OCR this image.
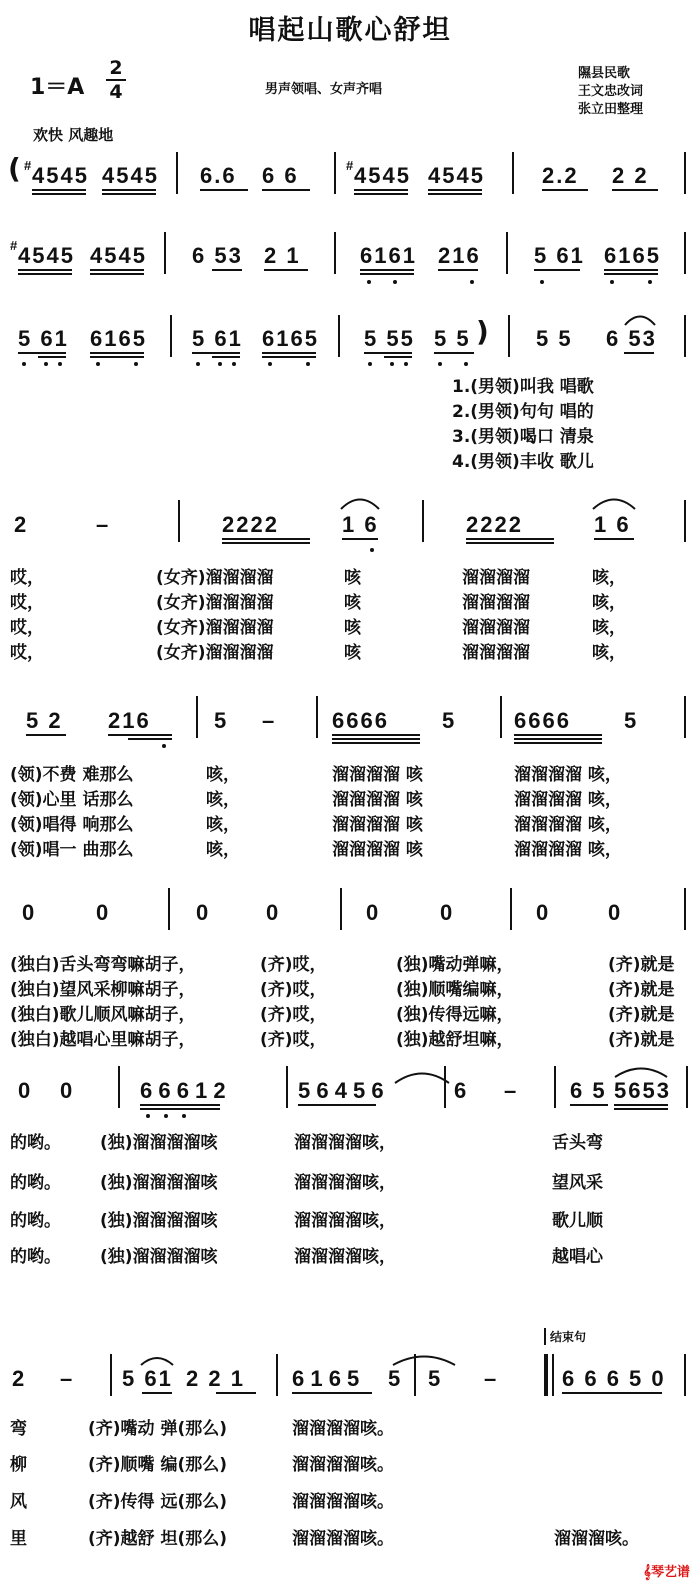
唱起山歌心舒坦
1＝A
2
4	男声领唱、女声齐唱
隰县民歌
王文忠改词
张立田整理
欢快 风趣地
( #
4545 4545 6.6 6 6	#
4545 4545	2.2 2 2
#
4545 4545 6 53 2 1	6161 216 5 61 6165
5 61 6165 5 61 6165 5 55 5 5 ) 5 5 6 53
1.(男领)叫我 唱歌
2.(男领)句句 唱的
3.(男领)喝口 清泉
4.(男领)丰收 歌儿
2	–	2222	1 6	2222	1 6
哎，	(女齐)溜溜溜溜	咳	溜溜溜溜	咳，
哎，	(女齐)溜溜溜溜	咳	溜溜溜溜	咳，
哎，	(女齐)溜溜溜溜	咳	溜溜溜溜	咳，
哎，	(女齐)溜溜溜溜	咳	溜溜溜溜	咳，
5 2 216	5 –	6666 5	6666 5
(领)不费 难那么	咳，	溜溜溜溜 咳	溜溜溜溜 咳，
(领)心里 话那么	咳，	溜溜溜溜 咳	溜溜溜溜 咳，
(领)唱得 响那么	咳，	溜溜溜溜 咳	溜溜溜溜 咳，
(领)唱一 曲那么	咳，	溜溜溜溜 咳	溜溜溜溜 咳，
0	0	0	0	0	0	0	0
(独白)舌头弯弯嘛胡子，	(齐)哎，	(独)嘴动弹嘛，	(齐)就是
(独白)望风采柳嘛胡子，	(齐)哎，	(独)顺嘴编嘛，	(齐)就是
(独白)歌儿顺风嘛胡子，	(齐)哎，	(独)传得远嘛，	(齐)就是
(独白)越唱心里嘛胡子，	(齐)哎，	(独)越舒坦嘛，	(齐)就是
0 0	6 6 6 1 2	5 6 4 5 6	6 – 6 5 5653
的哟。 (独)溜溜溜溜咳	溜溜溜溜咳，	舌头弯
的哟。 (独)溜溜溜溜咳	溜溜溜溜咳，	望风采
的哟。 (独)溜溜溜溜咳	溜溜溜溜咳，	歌儿顺
的哟。 (独)溜溜溜溜咳	溜溜溜溜咳，	越唱心
结束句
2 – 5 61 2 2 1 6 1 6 5 5 5 –	6 6 6 5 0
弯	(齐)嘴动 弹(那么)	溜溜溜溜咳。
柳	(齐)顺嘴 编(那么)	溜溜溜溜咳。
风	(齐)传得 远(那么)	溜溜溜溜咳。
里	(齐)越舒 坦(那么)	溜溜溜溜咳。	溜溜溜咳。
𝄞琴艺谱
